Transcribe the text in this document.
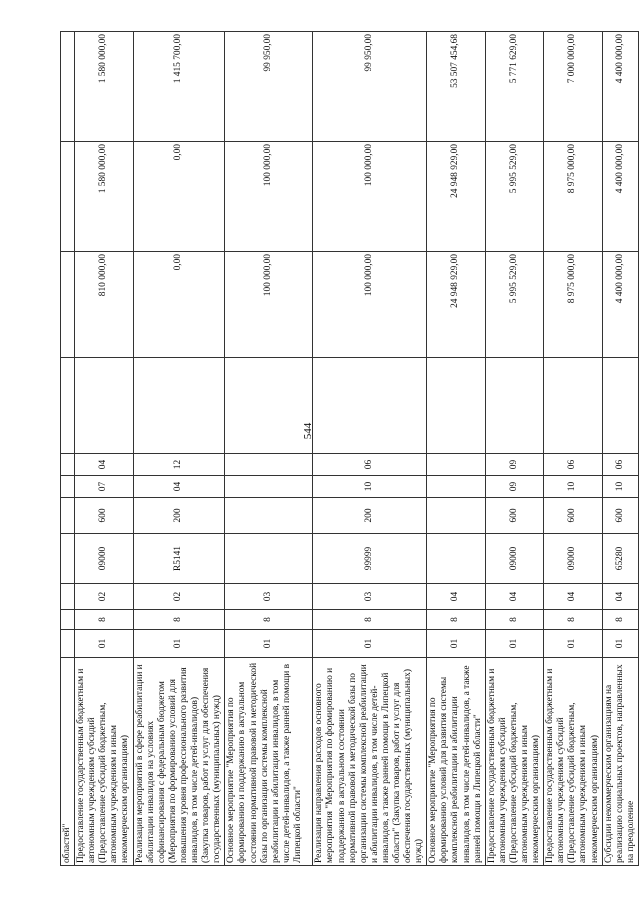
544
областей"											
Предоставление государственным бюджетным и автономным учреждениям субсидий (Предоставление субсидий бюджетным, автономным учреждениям и иным некоммерческим организациям)	01	8	02	09000	600	07	04		810 000,00	1 580 000,00	1 580 000,00
Реализация мероприятий в сфере реабилитации и абилитации инвалидов на условиях софинансирования с федеральным бюджетом (Мероприятия по формированию условий для повышения уровня профессионального развития инвалидов, в том числе детей-инвалидов) (Закупка товаров, работ и услуг для обеспечения государственных (муниципальных) нужд)	01	8	02	R5141	200	04	12		0,00	0,00	1 415 700,00
Основное мероприятие "Мероприятия по формированию и поддержанию в актуальном состоянии нормативной правовой и методической базы по организации системы комплексной реабилитации и абилитации инвалидов, в том числе детей-инвалидов, а также ранней помощи в Липецкой области"	01	8	03						100 000,00	100 000,00	99 950,00
Реализация направления расходов основного мероприятия "Мероприятия по формированию и поддержанию в актуальном состоянии нормативной правовой и методической базы по организации системы комплексной реабилитации и абилитации инвалидов, в том числе детей-инвалидов, а также ранней помощи в Липецкой области" (Закупка товаров, работ и услуг для обеспечения государственных (муниципальных) нужд)	01	8	03	99999	200	10	06		100 000,00	100 000,00	99 950,00
Основное мероприятие "Мероприятия по формированию условий для развития системы комплексной реабилитации и абилитации инвалидов, в том числе детей-инвалидов, а также ранней помощи в Липецкой области"	01	8	04						24 948 929,00	24 948 929,00	53 507 454,68
Предоставление государственным бюджетным и автономным учреждениям субсидий (Предоставление субсидий бюджетным, автономным учреждениям и иным некоммерческим организациям)	01	8	04	09000	600	09	09		5 995 529,00	5 995 529,00	5 771 629,00
Предоставление государственным бюджетным и автономным учреждениям субсидий (Предоставление субсидий бюджетным, автономным учреждениям и иным некоммерческим организациям)	01	8	04	09000	600	10	06		8 975 000,00	8 975 000,00	7 000 000,00
Субсидии некоммерческим организациям на реализацию социальных проектов, направленных на преодоление	01	8	04	65280	600	10	06		4 400 000,00	4 400 000,00	4 400 000,00
